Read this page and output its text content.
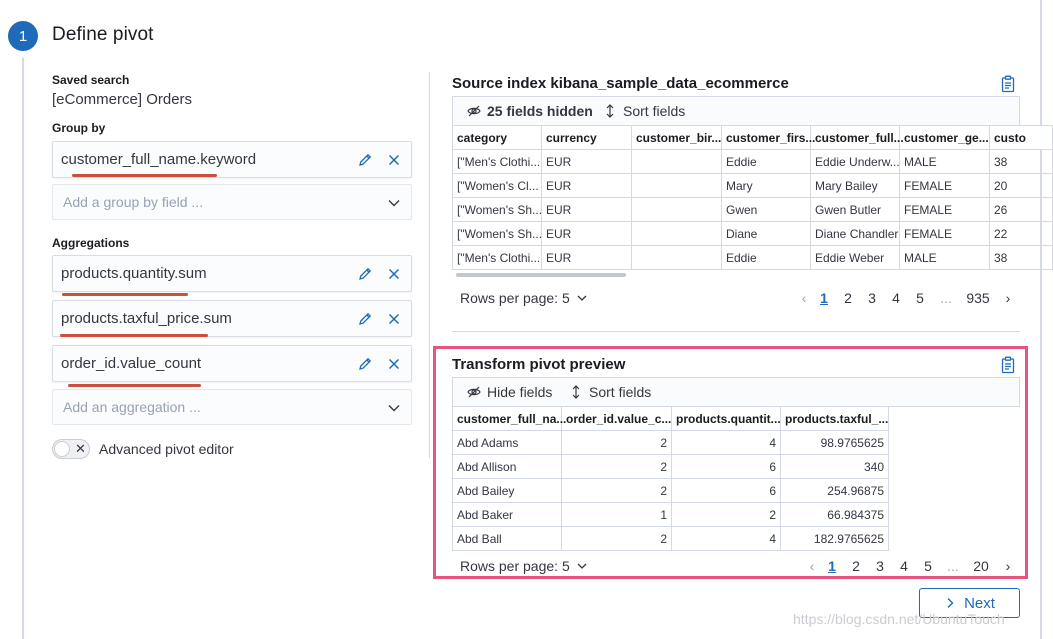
1	Define pivot
Saved search
[eCommerce] Orders
Group by
customer_full_name.keyword
Add a group by field ...
Aggregations
products.quantity.sum
products.taxful_price.sum
order_id.value_count
Add an aggregation ...
✕ Advanced pivot editor
Source index kibana_sample_data_ecommerce
25 fields hidden Sort fields
category	currency	customer_bir...	customer_firs...	customer_full...	customer_ge...	custo
["Men's Clothi...	EUR		Eddie	Eddie Underw...	MALE	38
["Women's Cl...	EUR		Mary	Mary Bailey	FEMALE	20
["Women's Sh...	EUR		Gwen	Gwen Butler	FEMALE	26
["Women's Sh...	EUR		Diane	Diane Chandler	FEMALE	22
["Men's Clothi...	EUR		Eddie	Eddie Weber	MALE	38
Rows per page: 5	‹ 1	2	3	4	5	...	935	›
Transform pivot preview
Hide fields	Sort fields
customer_full_na...	order_id.value_c...	products.quantit...	products.taxful_...
Abd Adams	2	4	98.9765625
Abd Allison	2	6	340
Abd Bailey	2	6	254.96875
Abd Baker	1	2	66.984375
Abd Ball	2	4	182.9765625
Rows per page: 5	‹ 1	2	3	4	5	...	20	›
Next
https://blog.csdn.net/UbuntuTouch
